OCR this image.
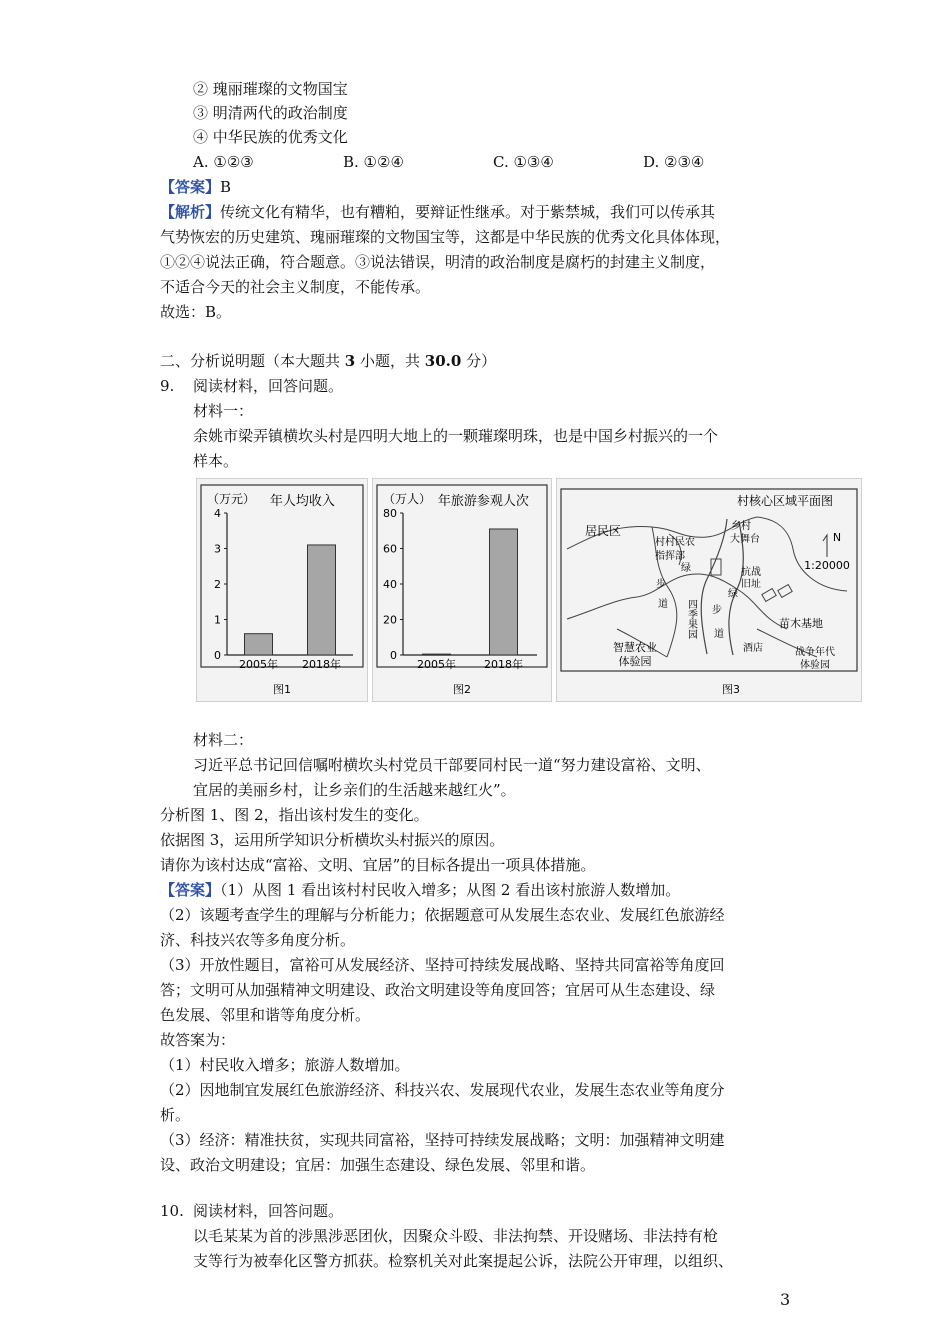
② 瑰丽璀璨的文物国宝
③ 明清两代的政治制度
④ 中华民族的优秀文化
A. ①②③	B. ①②④	C. ①③④	D. ②③④
【答案】B
【解析】传统文化有精华，也有糟粕，要辩证性继承。对于紫禁城，我们可以传承其
气势恢宏的历史建筑、瑰丽璀璨的文物国宝等，这都是中华民族的优秀文化具体体现，
①②④说法正确，符合题意。③说法错误，明清的政治制度是腐朽的封建主义制度，
不适合今天的社会主义制度，不能传承。
故选：B。
二、分析说明题（本大题共 3 小题，共 30.0 分）
9. 阅读材料，回答问题。
材料一：
余姚市梁弄镇横坎头村是四明大地上的一颗璀璨明珠，也是中国乡村振兴的一个
样本。
（万元） 年人均收入
0
1
2
3
4
2005年 2018年
图1
（万人） 年旅游参观人次
0
20
40
60
80
2005年	2018年
图2
村核心区域平面图
N
1:20000
居民区
村村民农
指挥部
绿
步
道 四季果园 步
道
绿
智慧农业
体验园
苗木基地
酒店	战争年代
体验园
乡村
大舞台
抗战
旧址
图3
材料二：
习近平总书记回信嘱咐横坎头村党员干部要同村民一道“努力建设富裕、文明、
宜居的美丽乡村，让乡亲们的生活越来越红火”。
分析图 1、图 2，指出该村发生的变化。
依据图 3，运用所学知识分析横坎头村振兴的原因。
请你为该村达成“富裕、文明、宜居”的目标各提出一项具体措施。
【答案】（1）从图 1 看出该村村民收入增多；从图 2 看出该村旅游人数增加。
（2）该题考查学生的理解与分析能力；依据题意可从发展生态农业、发展红色旅游经
济、科技兴农等多角度分析。
（3）开放性题目，富裕可从发展经济、坚持可持续发展战略、坚持共同富裕等角度回
答；文明可从加强精神文明建设、政治文明建设等角度回答；宜居可从生态建设、绿
色发展、邻里和谐等角度分析。
故答案为：
（1）村民收入增多；旅游人数增加。
（2）因地制宜发展红色旅游经济、科技兴农、发展现代农业，发展生态农业等角度分
析。
（3）经济：精准扶贫，实现共同富裕，坚持可持续发展战略；文明：加强精神文明建
设、政治文明建设；宜居：加强生态建设、绿色发展、邻里和谐。
10. 阅读材料，回答问题。
以毛某某为首的涉黑涉恶团伙，因聚众斗殴、非法拘禁、开设赌场、非法持有枪
支等行为被奉化区警方抓获。检察机关对此案提起公诉，法院公开审理，以组织、
3
